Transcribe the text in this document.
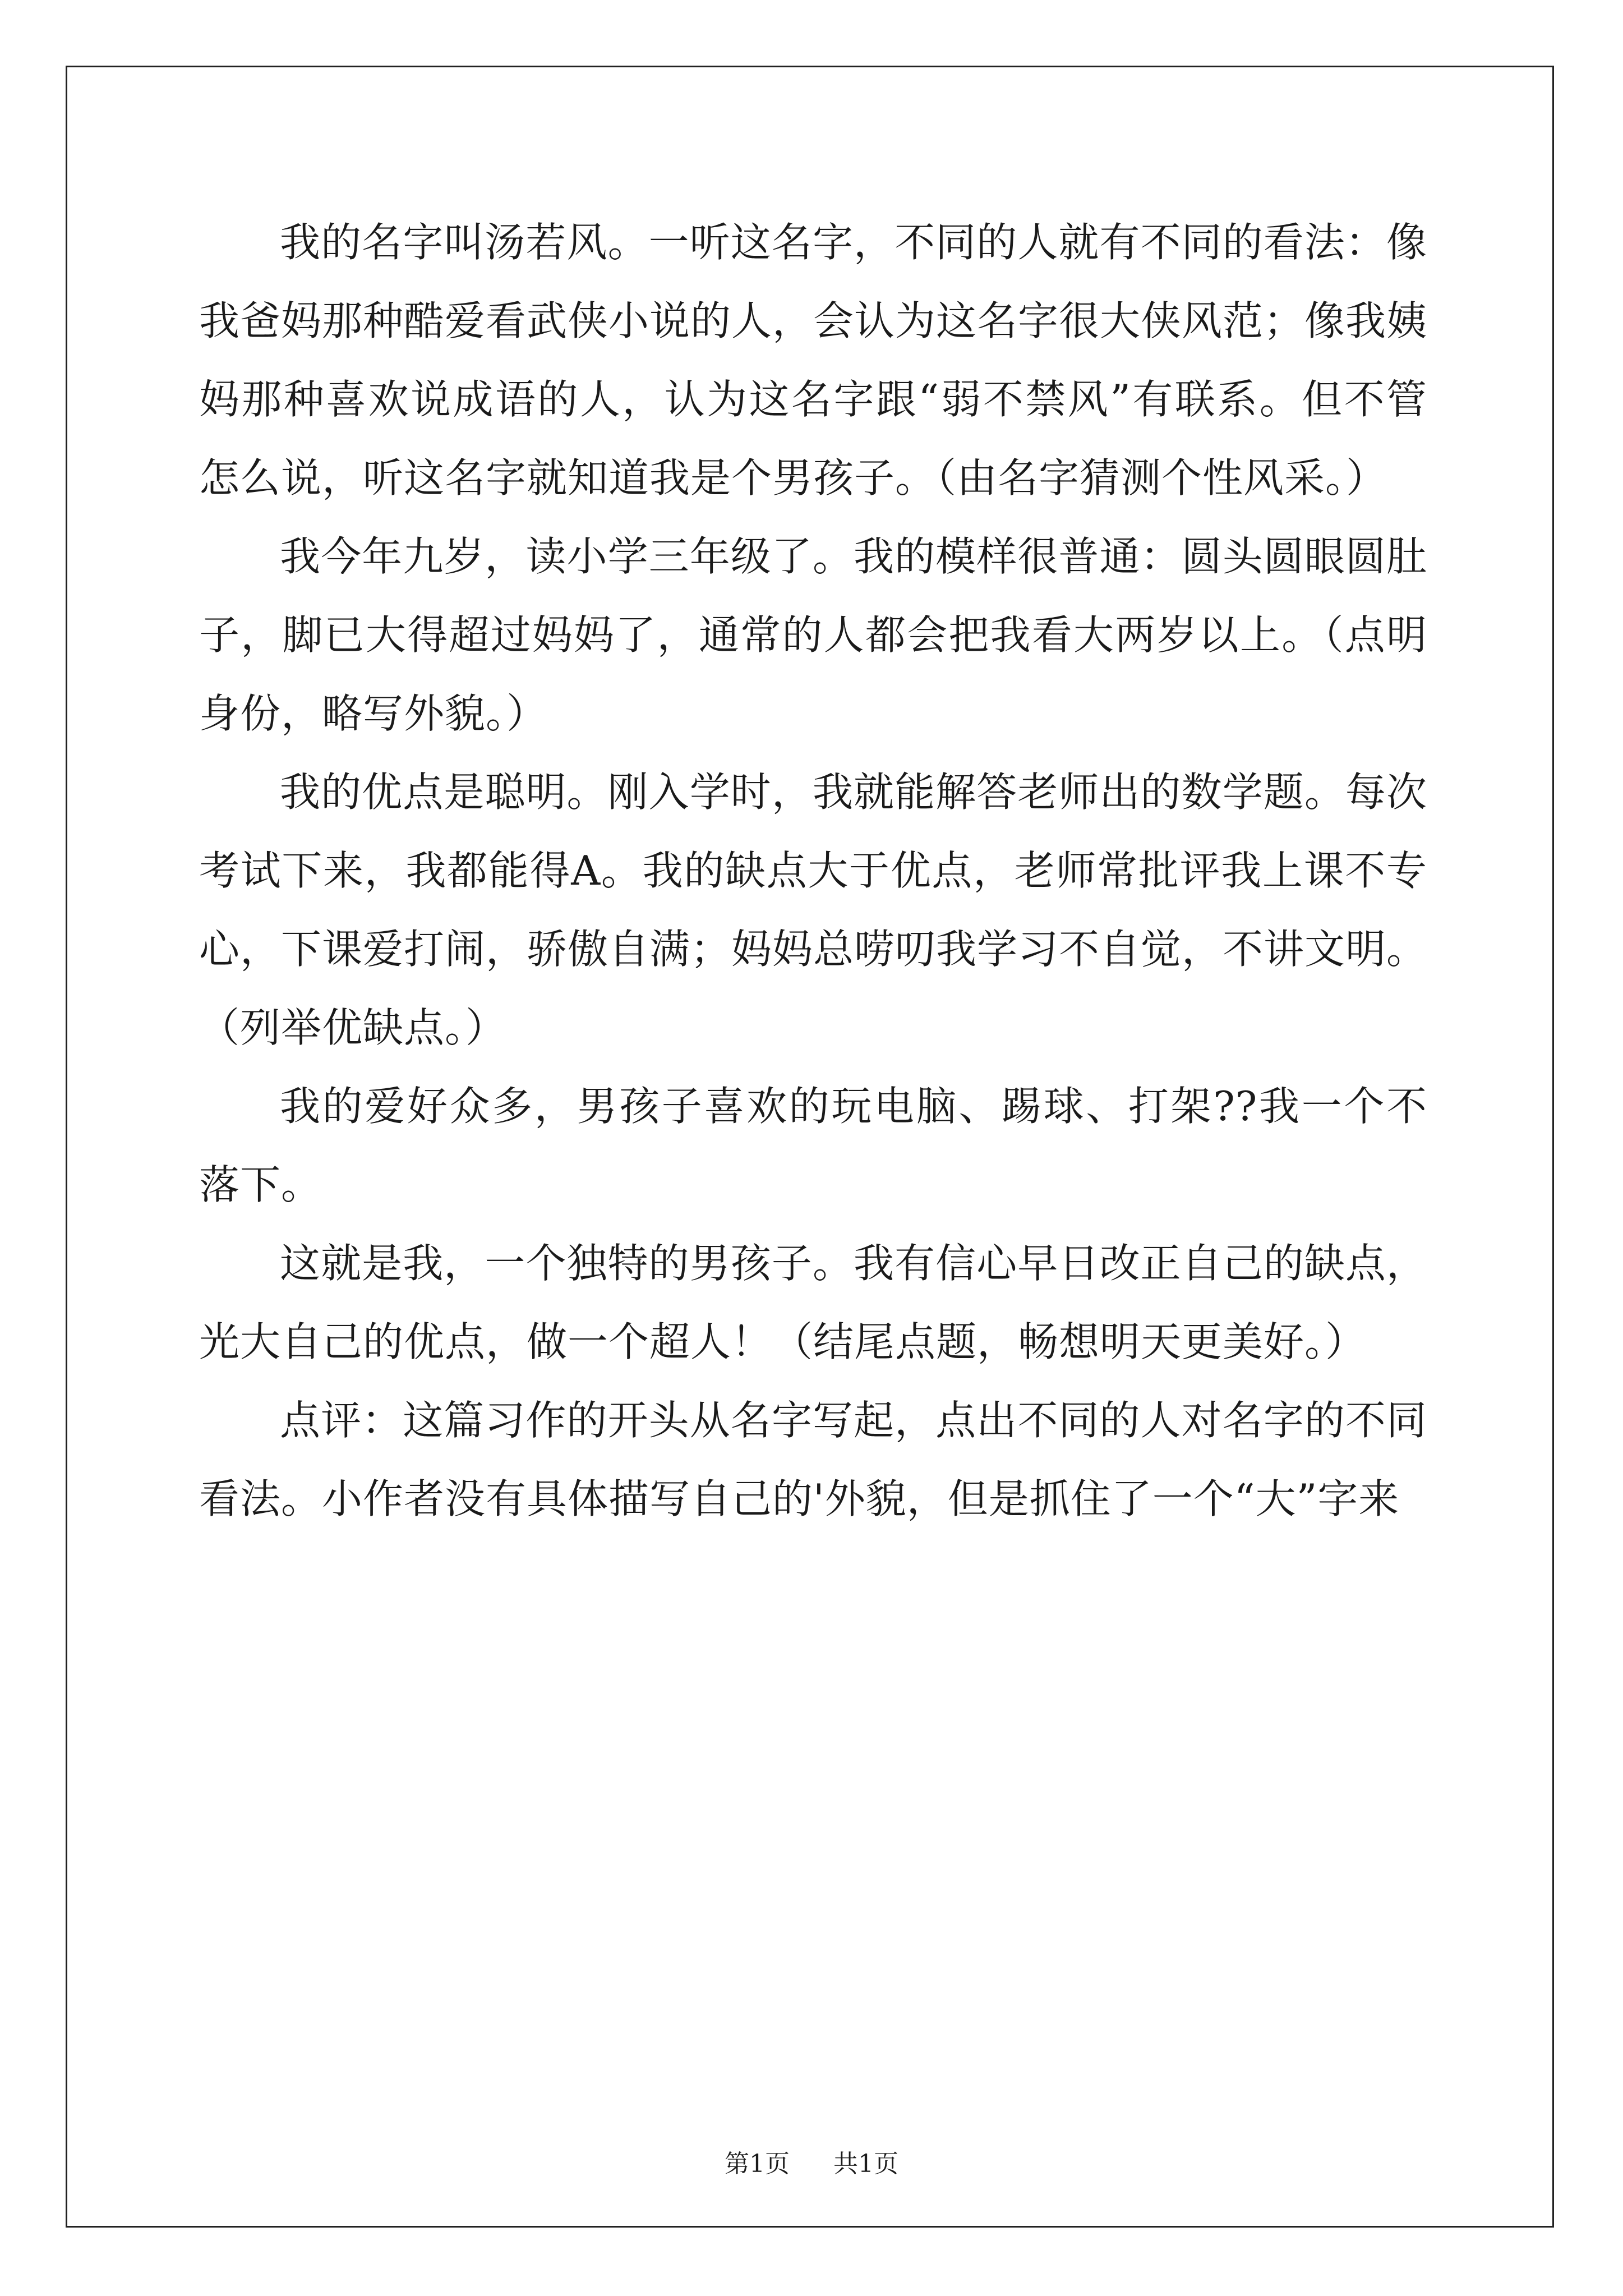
我的名字叫汤若风。一听这名字，不同的人就有不同的看法：像我爸妈那种酷爱看武侠小说的人，会认为这名字很大侠风范；像我姨妈那种喜欢说成语的人，认为这名字跟“弱不禁风”有联系。但不管怎么说，听这名字就知道我是个男孩子。（由名字猜测个性风采。）

我今年九岁，读小学三年级了。我的模样很普通：圆头圆眼圆肚子，脚已大得超过妈妈了，通常的人都会把我看大两岁以上。（点明身份，略写外貌。）

我的优点是聪明。刚入学时，我就能解答老师出的数学题。每次考试下来，我都能得A。我的缺点大于优点，老师常批评我上课不专心，下课爱打闹，骄傲自满；妈妈总唠叨我学习不自觉，不讲文明。（列举优缺点。）

我的爱好众多，男孩子喜欢的玩电脑、踢球、打架??我一个不落下。

这就是我，一个独特的男孩子。我有信心早日改正自己的缺点，光大自己的优点，做一个超人！（结尾点题，畅想明天更美好。）

点评：这篇习作的开头从名字写起，点出不同的人对名字的不同看法。小作者没有具体描写自己的'外貌，但是抓住了一个“大”字来

第1页 共1页
